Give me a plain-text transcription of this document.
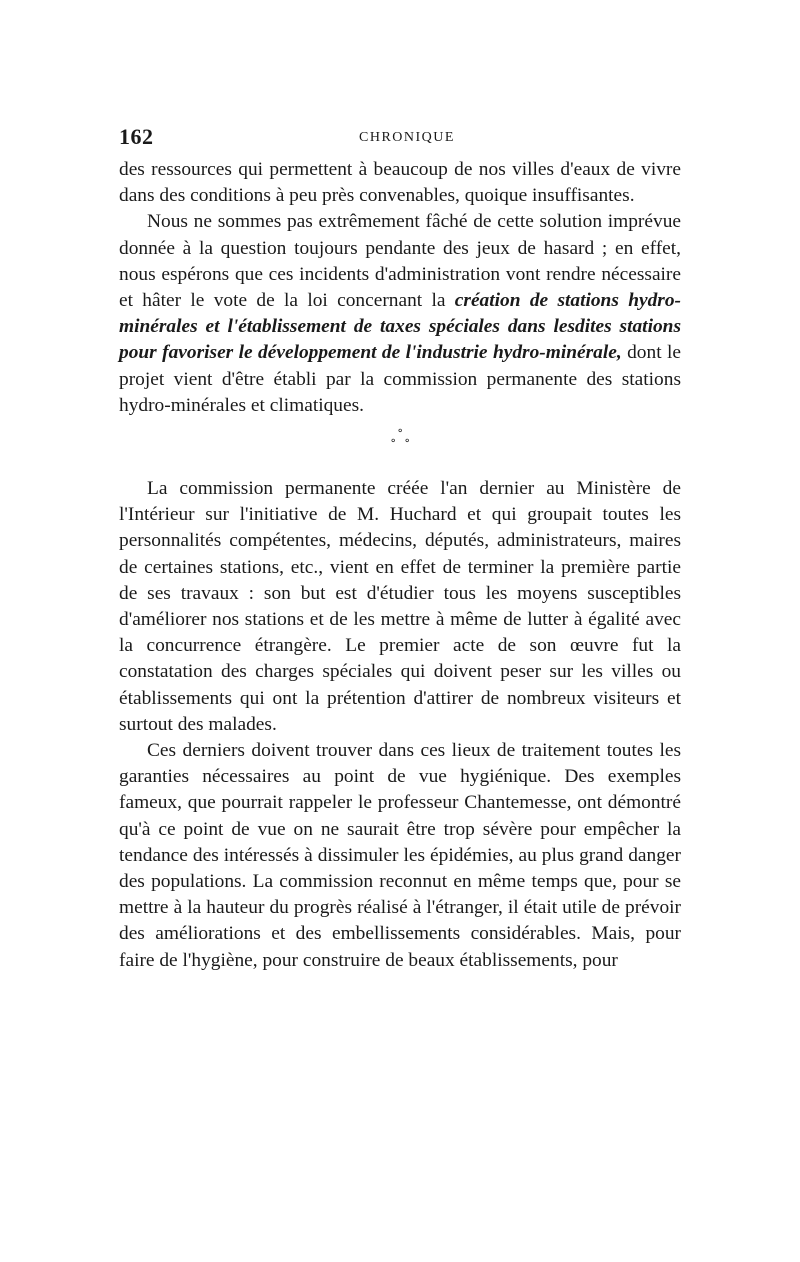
162	CHRONIQUE

des ressources qui permettent à beaucoup de nos villes d'eaux de vivre dans des conditions à peu près convenables, quoique insuffisantes.

Nous ne sommes pas extrêmement fâché de cette solution imprévue donnée à la question toujours pendante des jeux de hasard ; en effet, nous espérons que ces incidents d'administration vont rendre nécessaire et hâter le vote de la loi concernant la création de stations hydro-minérales et l'établissement de taxes spéciales dans lesdites stations pour favoriser le développement de l'industrie hydro-minérale, dont le projet vient d'être établi par la commission permanente des stations hydro-minérales et climatiques.

⚬
⚬ ⚬

La commission permanente créée l'an dernier au Ministère de l'Intérieur sur l'initiative de M. Huchard et qui groupait toutes les personnalités compétentes, médecins, députés, administrateurs, maires de certaines stations, etc., vient en effet de terminer la première partie de ses travaux : son but est d'étudier tous les moyens susceptibles d'améliorer nos stations et de les mettre à même de lutter à égalité avec la concurrence étrangère. Le premier acte de son œuvre fut la constatation des charges spéciales qui doivent peser sur les villes ou établissements qui ont la prétention d'attirer de nombreux visiteurs et surtout des malades.

Ces derniers doivent trouver dans ces lieux de traitement toutes les garanties nécessaires au point de vue hygiénique. Des exemples fameux, que pourrait rappeler le professeur Chantemesse, ont démontré qu'à ce point de vue on ne saurait être trop sévère pour empêcher la tendance des intéressés à dissimuler les épidémies, au plus grand danger des populations. La commission reconnut en même temps que, pour se mettre à la hauteur du progrès réalisé à l'étranger, il était utile de prévoir des améliorations et des embellissements considérables. Mais, pour faire de l'hygiène, pour construire de beaux établissements, pour
